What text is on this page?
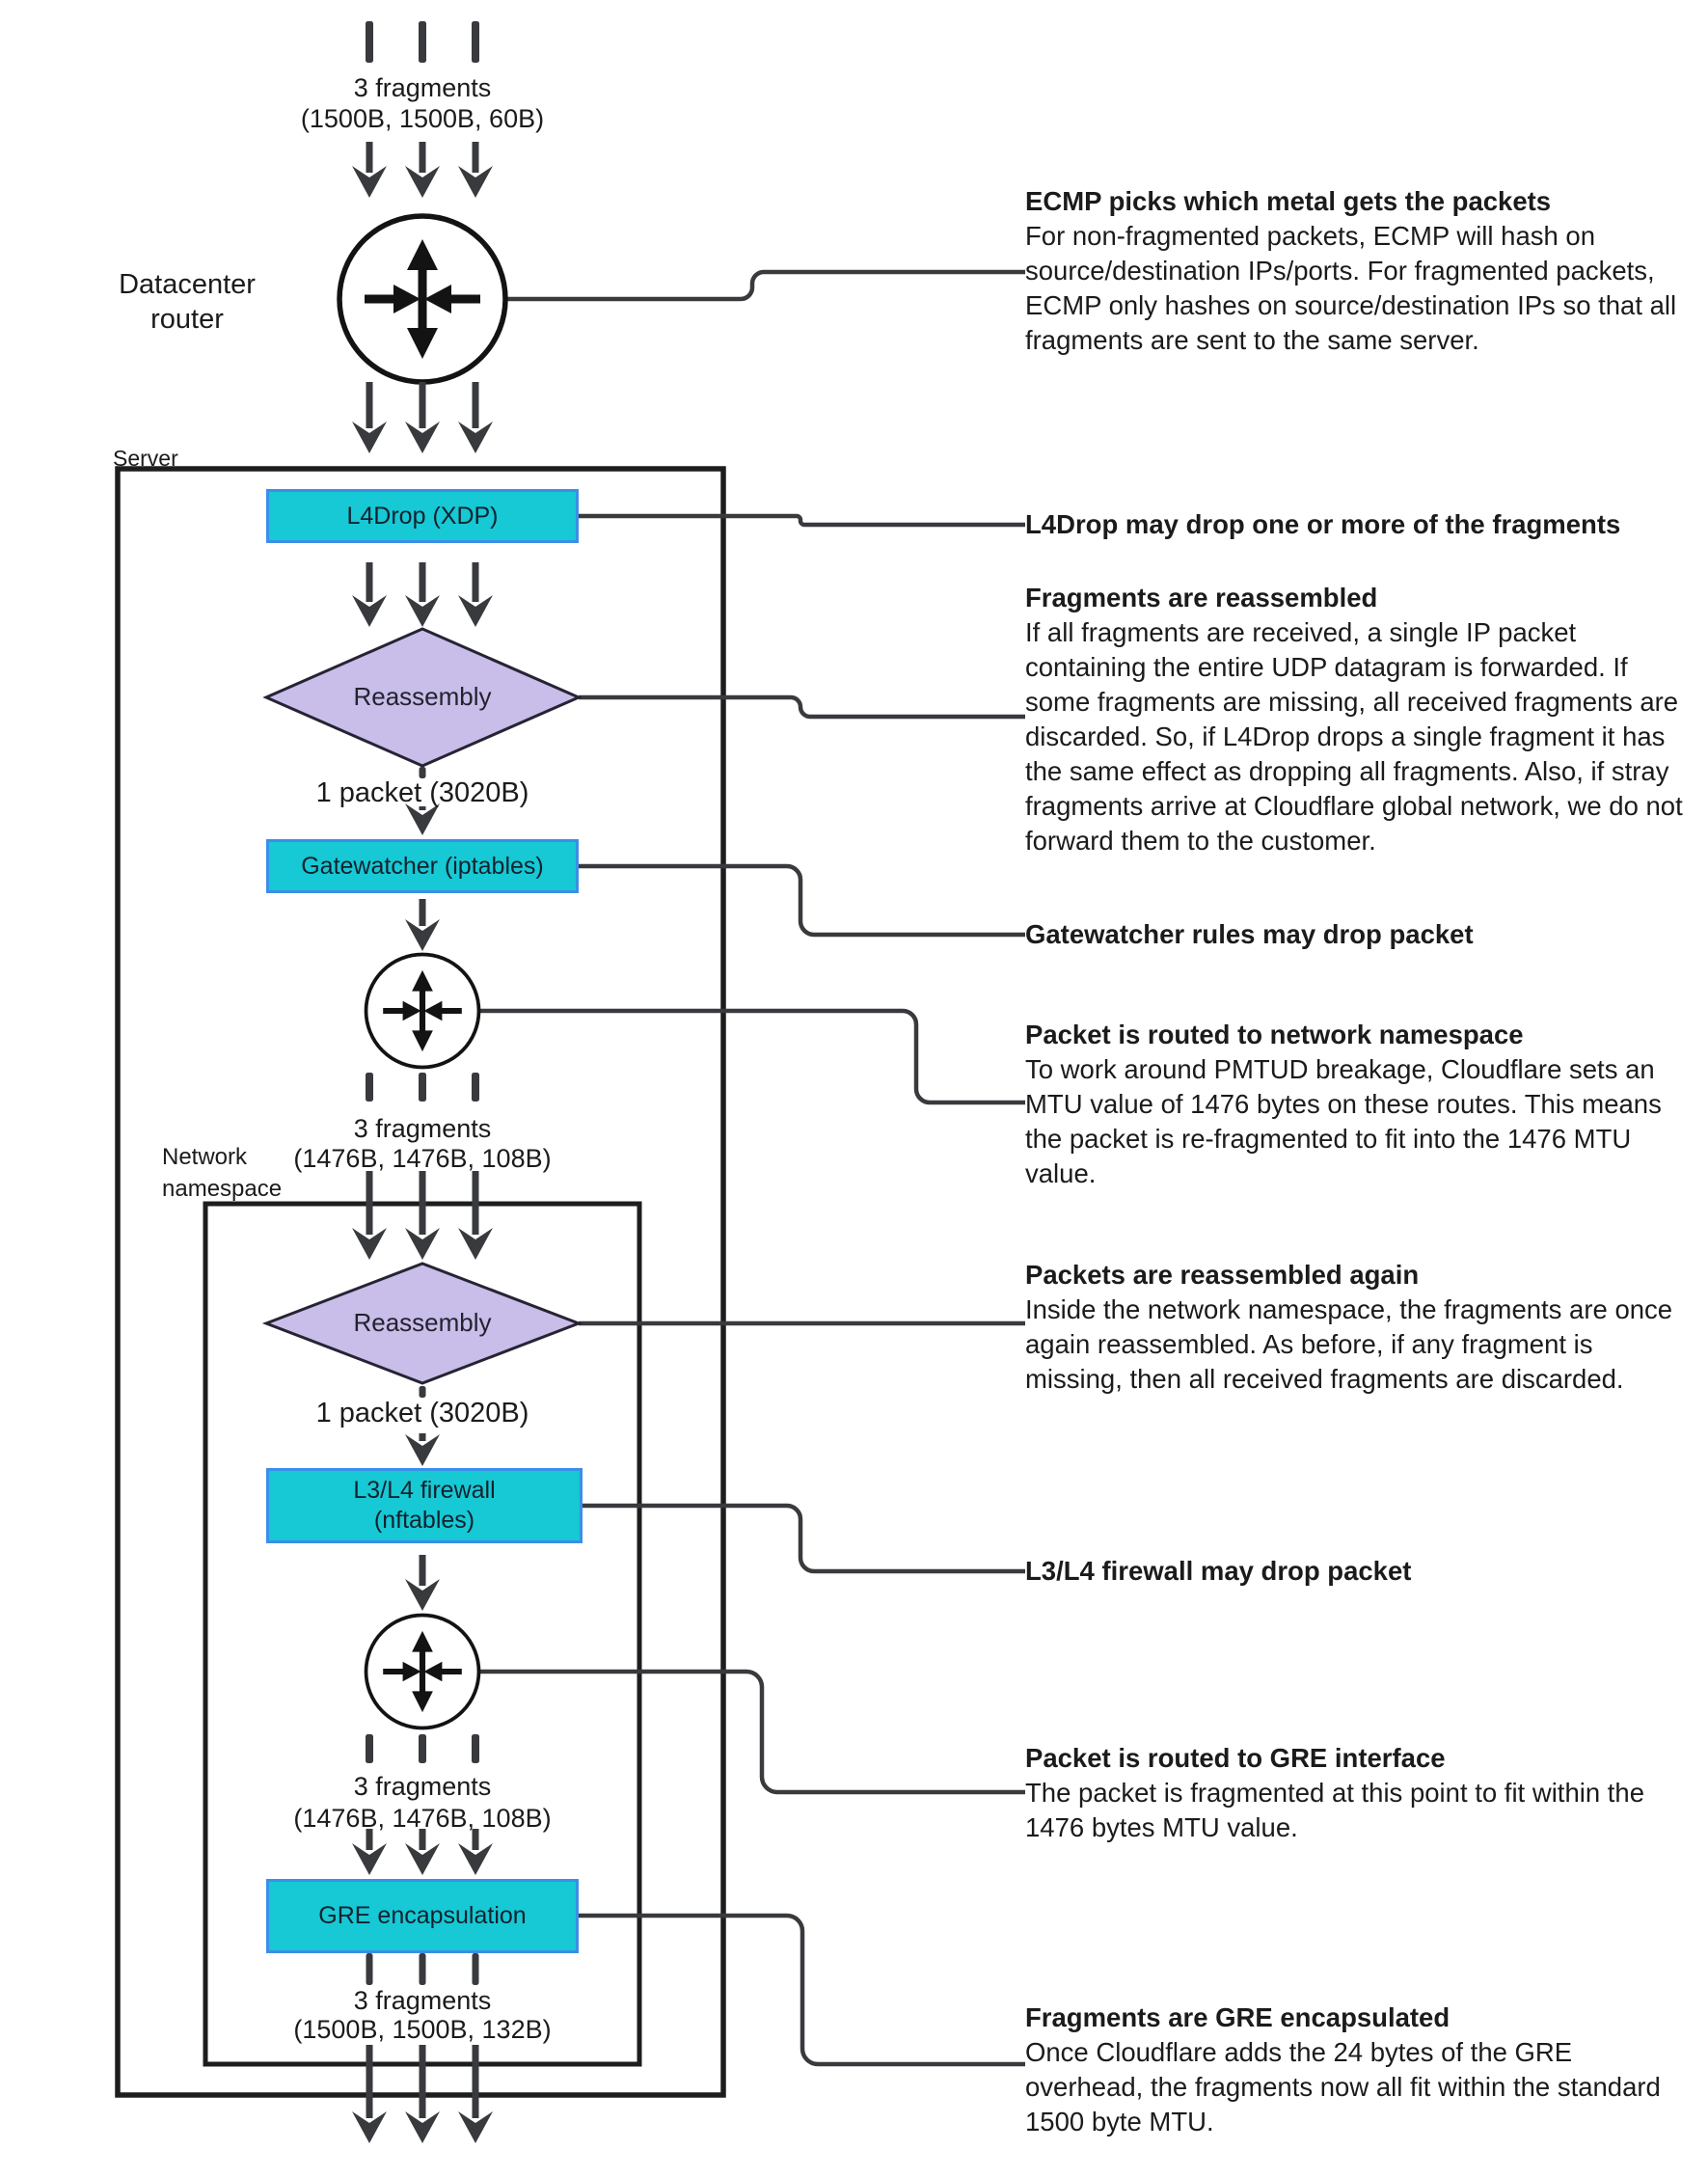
3 fragments
(1500B, 1500B, 60B)
Datacenter router
Server
L4Drop (XDP)
Reassembly
1 packet (3020B)
Gatewatcher (iptables)
3 fragments
(1476B, 1476B, 108B)
Network namespace
Reassembly
1 packet (3020B)
L3/L4 firewall
(nftables)
3 fragments
(1476B, 1476B, 108B)
GRE encapsulation
3 fragments
(1500B, 1500B, 132B)
ECMP picks which metal gets the packets
For non-fragmented packets, ECMP will hash on source/destination IPs/ports. For fragmented packets, ECMP only hashes on source/destination IPs so that all fragments are sent to the same server.
L4Drop may drop one or more of the fragments
Fragments are reassembled
If all fragments are received, a single IP packet containing the entire UDP datagram is forwarded. If some fragments are missing, all received fragments are discarded. So, if L4Drop drops a single fragment it has the same effect as dropping all fragments. Also, if stray fragments arrive at Cloudflare global network, we do not forward them to the customer.
Gatewatcher rules may drop packet
Packet is routed to network namespace
To work around PMTUD breakage, Cloudflare sets an MTU value of 1476 bytes on these routes. This means the packet is re-fragmented to fit into the 1476 MTU value.
Packets are reassembled again
Inside the network namespace, the fragments are once again reassembled. As before, if any fragment is missing, then all received fragments are discarded.
L3/L4 firewall may drop packet
Packet is routed to GRE interface
The packet is fragmented at this point to fit within the 1476 bytes MTU value.
Fragments are GRE encapsulated
Once Cloudflare adds the 24 bytes of the GRE overhead, the fragments now all fit within the standard 1500 byte MTU.
